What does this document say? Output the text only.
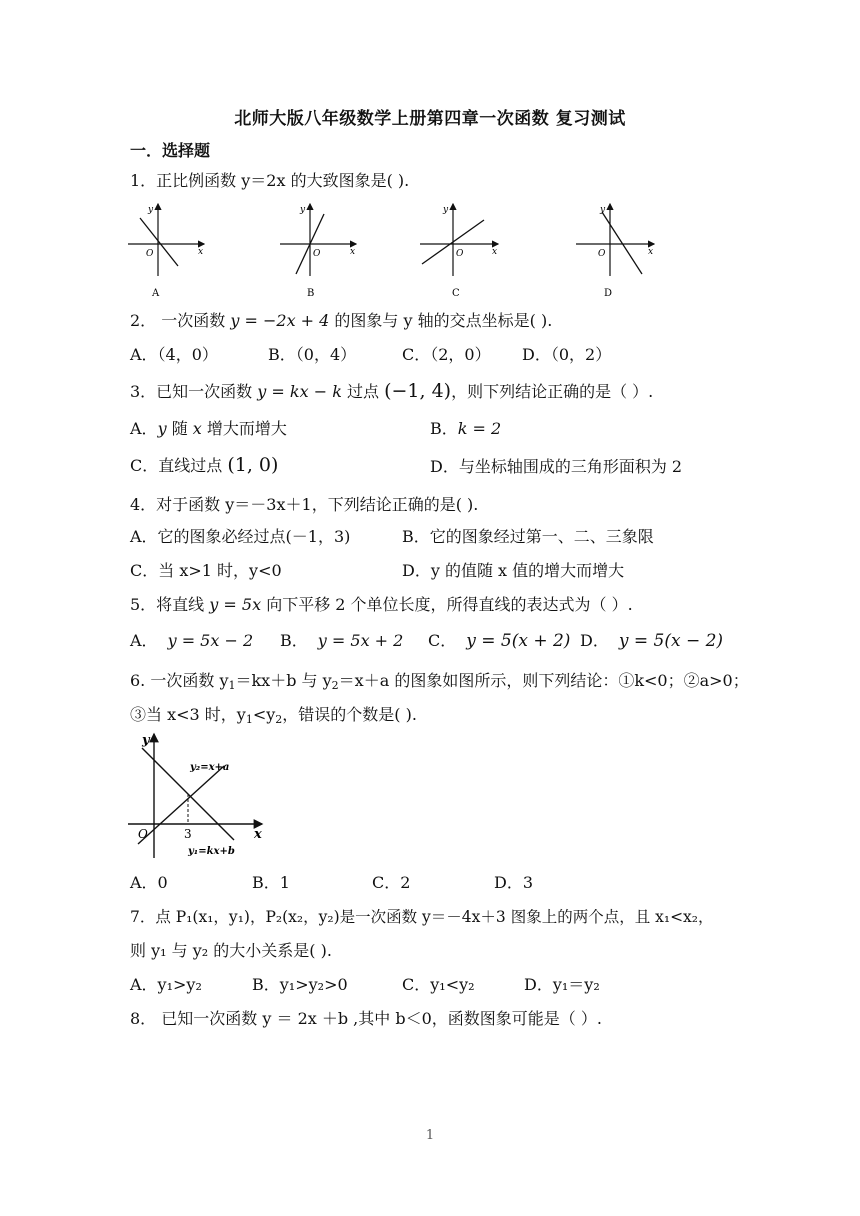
北师大版八年级数学上册第四章一次函数 复习测试
一．选择题
1．正比例函数 y＝2x 的大致图象是( ).
y
x
O
A
y
x
O
B
y
x
O
C
y
x
O
D
2． 一次函数 y = −2x + 4 的图象与 y 轴的交点坐标是( ).
A．（4，0）	B．（0，4）	C．（2，0） D．（0，2）
3．已知一次函数 y = kx − k 过点 (−1, 4)，则下列结论正确的是（ ）.
A．y 随 x 增大而增大	B．k = 2
C．直线过点 (1, 0)	D．与坐标轴围成的三角形面积为 2
4．对于函数 y＝－3x＋1，下列结论正确的是( ).
A．它的图象必经过点(－1，3)	B．它的图象经过第一、二、三象限
C．当 x>1 时，y<0	D．y 的值随 x 值的增大而增大
5．将直线 y = 5x 向下平移 2 个单位长度，所得直线的表达式为（ ）.
A． y = 5x − 2 B． y = 5x + 2 C． y = 5(x + 2) D． y = 5(x − 2)
6. 一次函数 $y_1=kx+b$ 与 $y_2=x+a$ 的图象如图所示，则下列结论：①k<0；②a>0；
③当 x<3 时，$y_1<y_2$，错误的个数是( ).
y
x
O	3
y₂=x+a
y₁=kx+b
A．0	B．1	C．2	D．3
7．点 P₁(x₁，y₁)，P₂(x₂，y₂)是一次函数 y＝－4x＋3 图象上的两个点，且 x₁<x₂，
则 y₁ 与 y₂ 的大小关系是( ).
A．y₁>y₂	B．y₁>y₂>0	C．y₁<y₂	D．y₁＝y₂
8． 已知一次函数 y ＝ 2x ＋b ,其中 b＜0，函数图象可能是（ ）.
1
